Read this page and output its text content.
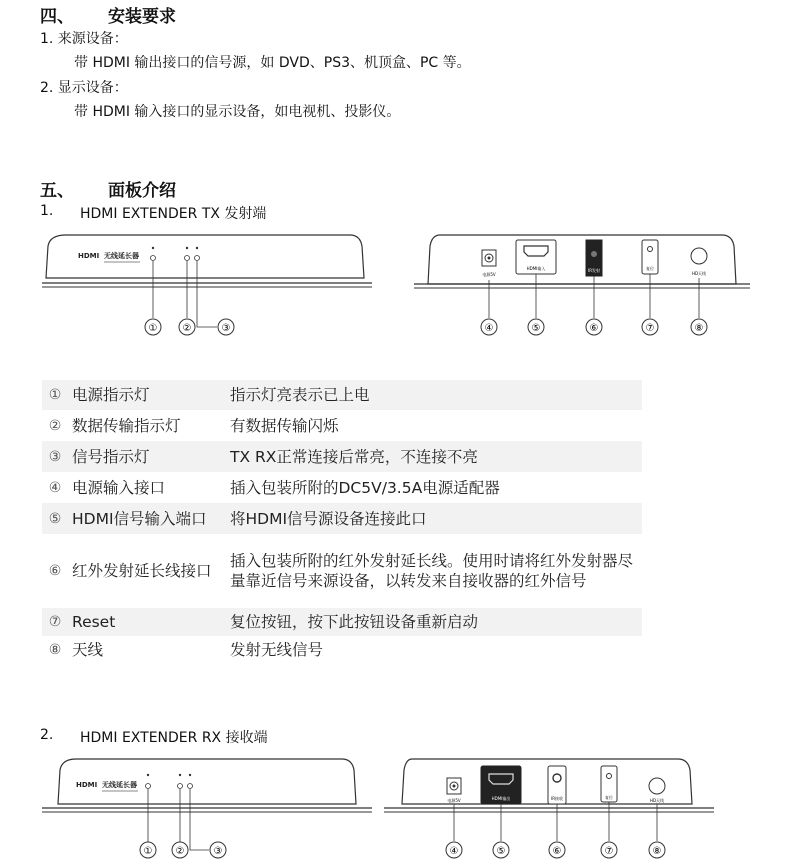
四、 安装要求
1. 来源设备：
带 HDMI 输出接口的信号源，如 DVD、PS3、机顶盒、PC 等。
2. 显示设备：
带 HDMI 输入接口的显示设备，如电视机、投影仪。
五、 面板介绍
1. HDMI EXTENDER TX 发射端
HDMI 无线延长器
①	②	③
电源5V
HDMI输入	IR发射	复位
HD天线
④	⑤	⑥	⑦	⑧
①	电源指示灯	指示灯亮表示已上电
②	数据传输指示灯	有数据传输闪烁
③	信号指示灯	TX RX正常连接后常亮，不连接不亮
④	电源输入接口	插入包装所附的DC5V/3.5A电源适配器
⑤	HDMI信号输入端口	将HDMI信号源设备连接此口
⑥	红外发射延长线接口	插入包装所附的红外发射延长线。使用时请将红外发射器尽量靠近信号来源设备，以转发来自接收器的红外信号
⑦	Reset	复位按钮，按下此按钮设备重新启动
⑧	天线	发射无线信号
2. HDMI EXTENDER RX 接收端
HDMI 无线延长器
① ②	③
电源5V	HDMI输出	IR接收	复位
HD天线
④	⑤	⑥	⑦	⑧
